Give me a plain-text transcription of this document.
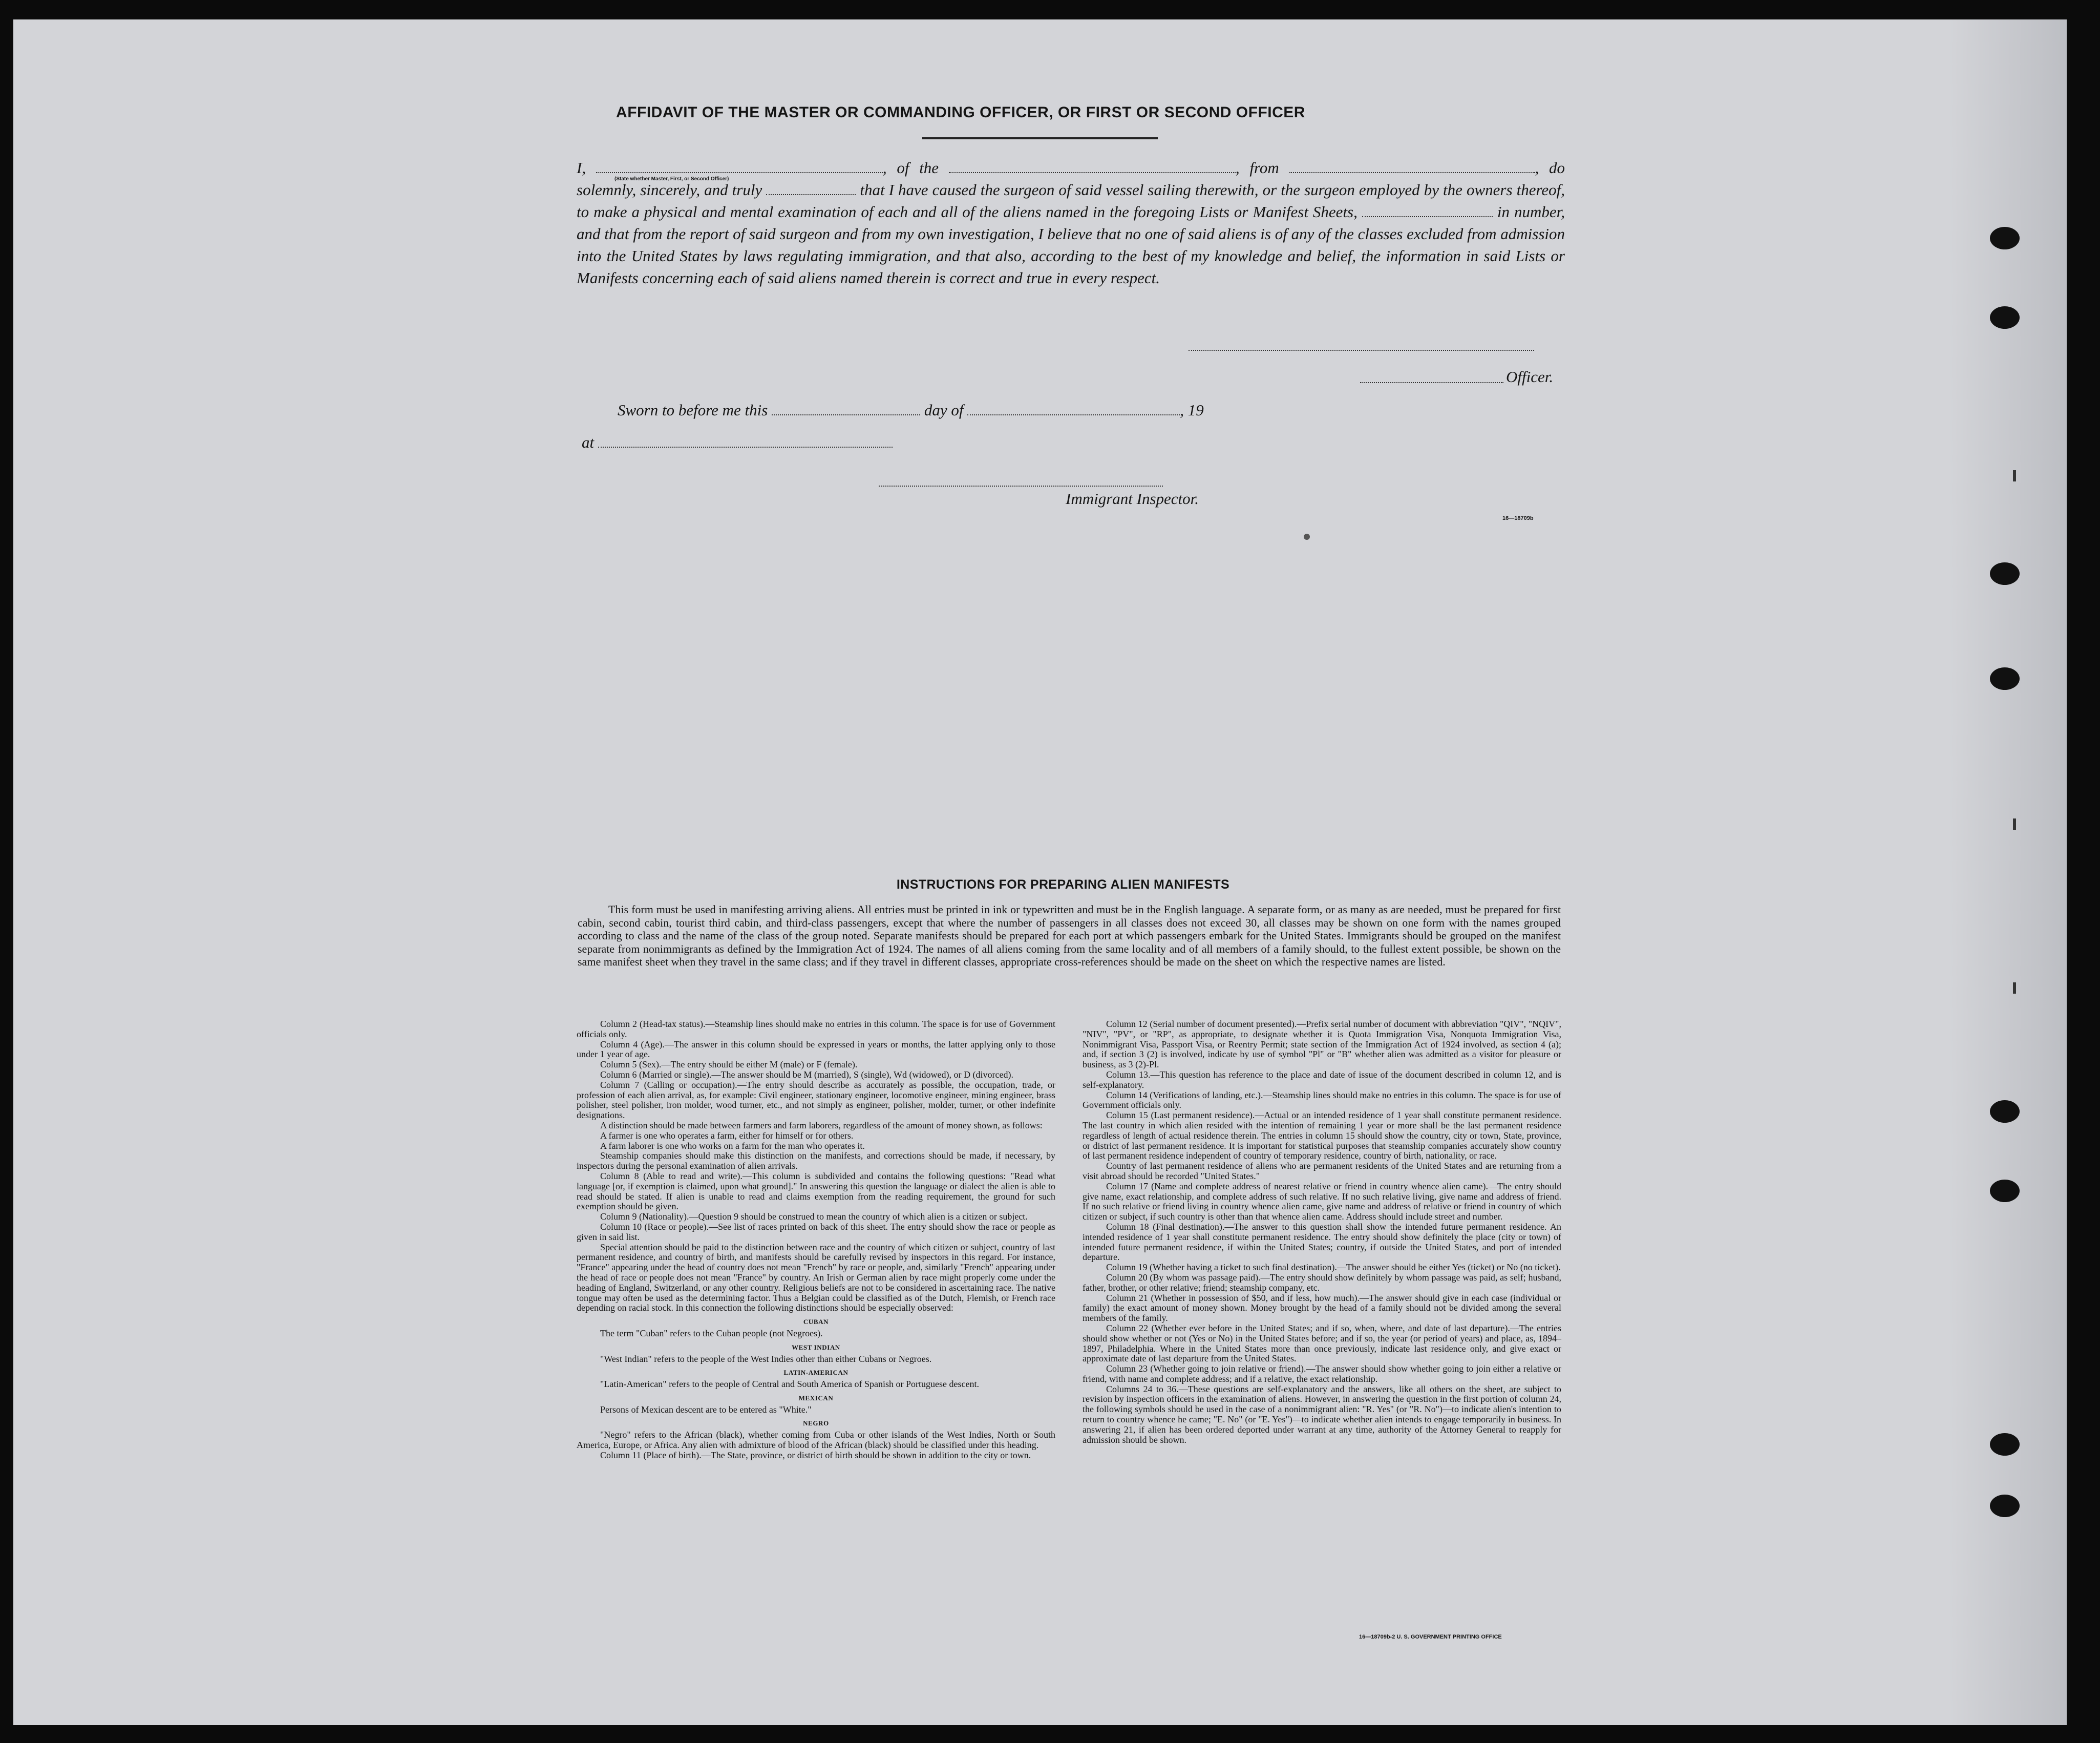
AFFIDAVIT OF THE MASTER OR COMMANDING OFFICER, OR FIRST OR SECOND OFFICER
I,	, of the	, from	, do solemnly, sincerely, and truly	that I have caused the surgeon of said vessel sailing therewith, or the surgeon employed by the owners thereof, to make a physical and mental examination of each and all of the aliens named in the foregoing Lists or Manifest Sheets,	in number, and that from the report of said surgeon and from my own investigation, I believe that no one of said aliens is of any of the classes excluded from admission into the United States by laws regulating immigration, and that also, according to the best of my knowledge and belief, the information in said Lists or Manifests concerning each of said aliens named therein is correct and true in every respect.
(State whether Master, First, or Second Officer)
Officer.
Sworn to before me this	day of	, 19
at
Immigrant Inspector.
16—18709b
INSTRUCTIONS FOR PREPARING ALIEN MANIFESTS
This form must be used in manifesting arriving aliens. All entries must be printed in ink or typewritten and must be in the English language. A separate form, or as many as are needed, must be prepared for first cabin, second cabin, tourist third cabin, and third-class passengers, except that where the number of passengers in all classes does not exceed 30, all classes may be shown on one form with the names grouped according to class and the name of the class of the group noted. Separate manifests should be prepared for each port at which passengers embark for the United States. Immigrants should be grouped on the manifest separate from nonimmigrants as defined by the Immigration Act of 1924. The names of all aliens coming from the same locality and of all members of a family should, to the fullest extent possible, be shown on the same manifest sheet when they travel in the same class; and if they travel in different classes, appropriate cross-references should be made on the sheet on which the respective names are listed.

Column 2 (Head-tax status).—Steamship lines should make no entries in this column. The space is for use of Government officials only.

Column 4 (Age).—The answer in this column should be expressed in years or months, the latter applying only to those under 1 year of age.

Column 5 (Sex).—The entry should be either M (male) or F (female).

Column 6 (Married or single).—The answer should be M (married), S (single), Wd (widowed), or D (divorced).

Column 7 (Calling or occupation).—The entry should describe as accurately as possible, the occupation, trade, or profession of each alien arrival, as, for example: Civil engineer, stationary engineer, locomotive engineer, mining engineer, brass polisher, steel polisher, iron molder, wood turner, etc., and not simply as engineer, polisher, molder, turner, or other indefinite designations.

A distinction should be made between farmers and farm laborers, regardless of the amount of money shown, as follows:

A farmer is one who operates a farm, either for himself or for others.

A farm laborer is one who works on a farm for the man who operates it.

Steamship companies should make this distinction on the manifests, and corrections should be made, if necessary, by inspectors during the personal examination of alien arrivals.

Column 8 (Able to read and write).—This column is subdivided and contains the following questions: "Read what language [or, if exemption is claimed, upon what ground]." In answering this question the language or dialect the alien is able to read should be stated. If alien is unable to read and claims exemption from the reading requirement, the ground for such exemption should be given.

Column 9 (Nationality).—Question 9 should be construed to mean the country of which alien is a citizen or subject.

Column 10 (Race or people).—See list of races printed on back of this sheet. The entry should show the race or people as given in said list.

Special attention should be paid to the distinction between race and the country of which citizen or subject, country of last permanent residence, and country of birth, and manifests should be carefully revised by inspectors in this regard. For instance, "France" appearing under the head of country does not mean "French" by race or people, and, similarly "French" appearing under the head of race or people does not mean "France" by country. An Irish or German alien by race might properly come under the heading of England, Switzerland, or any other country. Religious beliefs are not to be considered in ascertaining race. The native tongue may often be used as the determining factor. Thus a Belgian could be classified as of the Dutch, Flemish, or French race depending on racial stock. In this connection the following distinctions should be especially observed:

CUBAN

The term "Cuban" refers to the Cuban people (not Negroes).

WEST INDIAN

"West Indian" refers to the people of the West Indies other than either Cubans or Negroes.

LATIN-AMERICAN

"Latin-American" refers to the people of Central and South America of Spanish or Portuguese descent.

MEXICAN

Persons of Mexican descent are to be entered as "White."

NEGRO

"Negro" refers to the African (black), whether coming from Cuba or other islands of the West Indies, North or South America, Europe, or Africa. Any alien with admixture of blood of the African (black) should be classified under this heading.

Column 11 (Place of birth).—The State, province, or district of birth should be shown in addition to the city or town.

Column 12 (Serial number of document presented).—Prefix serial number of document with abbreviation "QIV", "NQIV", "NIV", "PV", or "RP", as appropriate, to designate whether it is Quota Immigration Visa, Nonquota Immigration Visa, Nonimmigrant Visa, Passport Visa, or Reentry Permit; state section of the Immigration Act of 1924 involved, as section 4 (a); and, if section 3 (2) is involved, indicate by use of symbol "Pl" or "B" whether alien was admitted as a visitor for pleasure or business, as 3 (2)-Pl.

Column 13.—This question has reference to the place and date of issue of the document described in column 12, and is self-explanatory.

Column 14 (Verifications of landing, etc.).—Steamship lines should make no entries in this column. The space is for use of Government officials only.

Column 15 (Last permanent residence).—Actual or an intended residence of 1 year shall constitute permanent residence. The last country in which alien resided with the intention of remaining 1 year or more shall be the last permanent residence regardless of length of actual residence therein. The entries in column 15 should show the country, city or town, State, province, or district of last permanent residence. It is important for statistical purposes that steamship companies accurately show country of last permanent residence independent of country of temporary residence, country of birth, nationality, or race.

Country of last permanent residence of aliens who are permanent residents of the United States and are returning from a visit abroad should be recorded "United States."

Column 17 (Name and complete address of nearest relative or friend in country whence alien came).—The entry should give name, exact relationship, and complete address of such relative. If no such relative living, give name and address of friend. If no such relative or friend living in country whence alien came, give name and address of relative or friend in country of which citizen or subject, if such country is other than that whence alien came. Address should include street and number.

Column 18 (Final destination).—The answer to this question shall show the intended future permanent residence. An intended residence of 1 year shall constitute permanent residence. The entry should show definitely the place (city or town) of intended future permanent residence, if within the United States; country, if outside the United States, and port of intended departure.

Column 19 (Whether having a ticket to such final destination).—The answer should be either Yes (ticket) or No (no ticket).

Column 20 (By whom was passage paid).—The entry should show definitely by whom passage was paid, as self; husband, father, brother, or other relative; friend; steamship company, etc.

Column 21 (Whether in possession of $50, and if less, how much).—The answer should give in each case (individual or family) the exact amount of money shown. Money brought by the head of a family should not be divided among the several members of the family.

Column 22 (Whether ever before in the United States; and if so, when, where, and date of last departure).—The entries should show whether or not (Yes or No) in the United States before; and if so, the year (or period of years) and place, as, 1894–1897, Philadelphia. Where in the United States more than once previously, indicate last residence only, and give exact or approximate date of last departure from the United States.

Column 23 (Whether going to join relative or friend).—The answer should show whether going to join either a relative or friend, with name and complete address; and if a relative, the exact relationship.

Columns 24 to 36.—These questions are self-explanatory and the answers, like all others on the sheet, are subject to revision by inspection officers in the examination of aliens. However, in answering the question in the first portion of column 24, the following symbols should be used in the case of a nonimmigrant alien: "R. Yes" (or "R. No")—to indicate alien's intention to return to country whence he came; "E. No" (or "E. Yes")—to indicate whether alien intends to engage temporarily in business. In answering 21, if alien has been ordered deported under warrant at any time, authority of the Attorney General to reapply for admission should be shown.

16—18709b-2 U. S. GOVERNMENT PRINTING OFFICE
